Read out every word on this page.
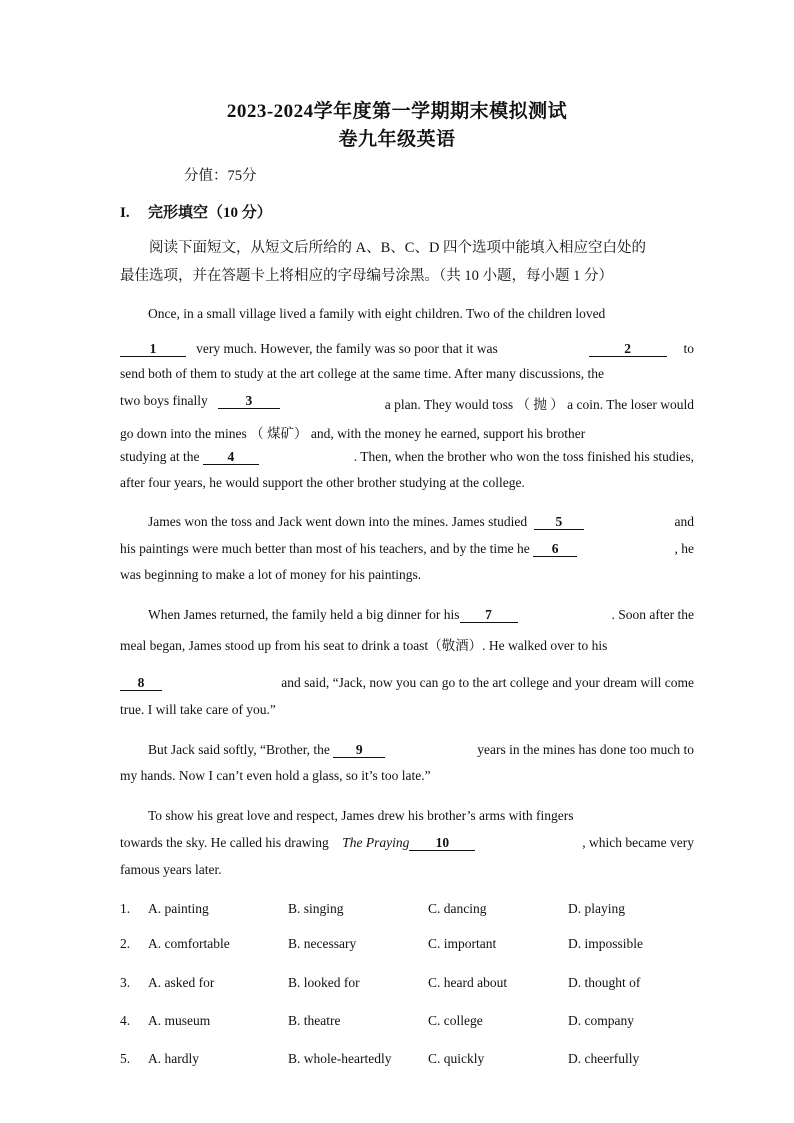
2023-2024学年度第一学期期末模拟测试
卷九年级英语
分值：75分
I. 完形填空（10 分）
阅读下面短文，从短文后所给的 A、B、C、D 四个选项中能填入相应空白处的
最佳选项，并在答题卡上将相应的字母编号涂黑。（共 10 小题，每小题 1 分）
Once, in a small village lived a family with eight children. Two of the children loved
1	very much. However, the family was so poor that it was	2	to
send both of them to study at the art college at the same time. After many discussions, the
two boys finally	3	a plan. They would toss （ 抛 ） a coin. The loser would
go down into the mines （ 煤矿） and, with the money he earned, support his brother
studying at the 4	. Then, when the brother who won the toss finished his studies,
after four years, he would support the other brother studying at the college.
James won the toss and Jack went down into the mines. James studied 5	and
his paintings were much better than most of his teachers, and by the time he 6	, he
was beginning to make a lot of money for his paintings.
When James returned, the family held a big dinner for his 7	. Soon after the
meal began, James stood up from his seat to drink a toast（敬酒）. He walked over to his
8	and said, “Jack, now you can go to the art college and your dream will come
true. I will take care of you.”
But Jack said softly, “Brother, the 9	years in the mines has done too much to
my hands. Now I can’t even hold a glass, so it’s too late.”
To show his great love and respect, James drew his brother’s arms with fingers
towards the sky. He called his drawing The Praying 10	, which became very
famous years later.
1. A. painting	B. singing	C. dancing	D. playing
2. A. comfortable	B. necessary	C. important	D. impossible
3. A. asked for	B. looked for	C. heard about	D. thought of
4. A. museum	B. theatre	C. college	D. company
5. A. hardly	B. whole-heartedly	C. quickly	D. cheerfully
